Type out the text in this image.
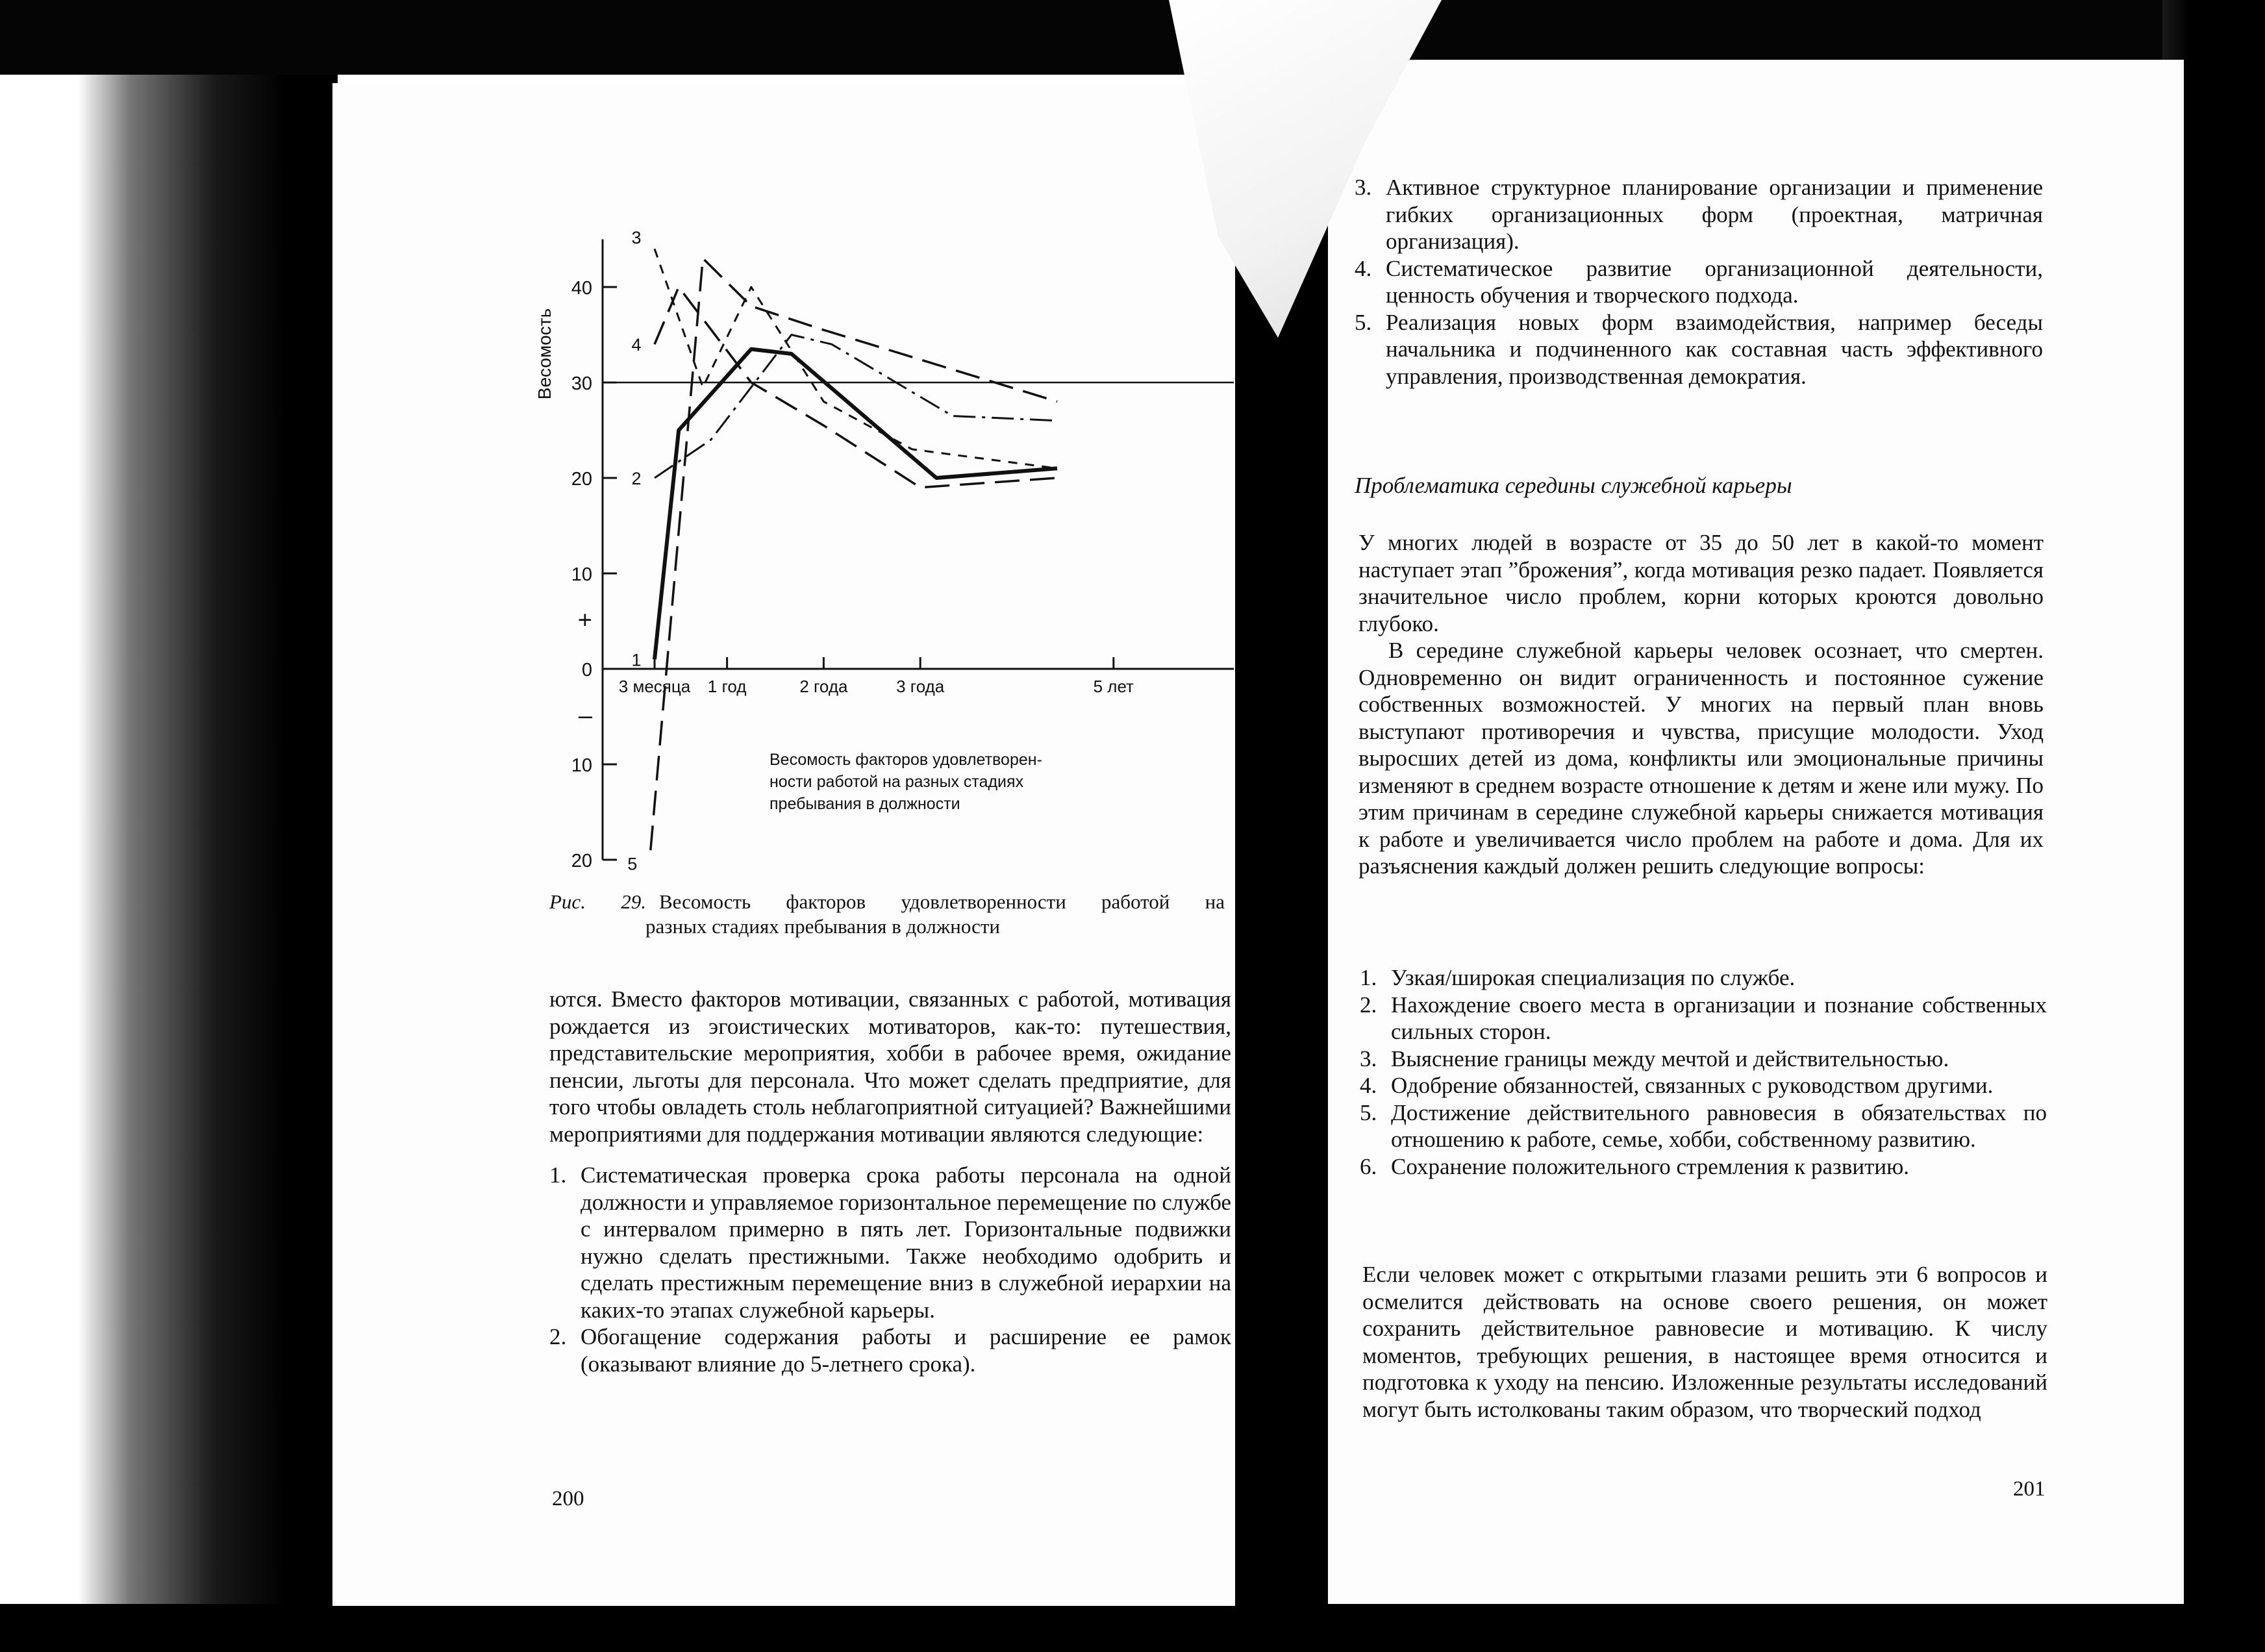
40
30
20
10
+
0
–
10
20
3 месяца 1 год	2 года	3 года	5 лет
1
2
3
4
5
Весомость
Весомость факторов удовлетворен-
ности работой на разных стадиях
пребывания в должности
Рис. 29. Весомость факторов удовлетворенности работой на
разных стадиях пребывания в должности

ются. Вместо факторов мотивации, связанных с работой, мотивация рождается из эгоистических мотиваторов, как-то: путешествия, представительские мероприятия, хобби в рабочее время, ожидание пенсии, льготы для персонала. Что может сделать предприятие, для того чтобы овладеть столь неблагоприятной ситуацией? Важнейшими мероприятиями для поддержания мотивации являются следующие:

1. Систематическая проверка срока работы персонала на одной должности и управляемое горизонтальное перемещение по службе с интервалом примерно в пять лет. Горизонтальные подвижки нужно сделать престижными. Также необходимо одобрить и сделать престижным перемещение вниз в служебной иерархии на каких-то этапах служебной карьеры.
2. Обогащение содержания работы и расширение ее рамок (оказывают влияние до 5-летнего срока).
200
3. Активное структурное планирование организации и применение гибких организационных форм (проектная, матричная организация).
4. Систематическое развитие организационной деятельности, ценность обучения и творческого подхода.
5. Реализация новых форм взаимодействия, например беседы начальника и подчиненного как составная часть эффективного управления, производственная демократия.
Проблематика середины служебной карьеры

У многих людей в возрасте от 35 до 50 лет в какой-то момент наступает этап ”брожения”, когда мотивация резко падает. Появляется значительное число проблем, корни которых кроются довольно глубоко.

В середине служебной карьеры человек осознает, что смертен. Одновременно он видит ограниченность и постоянное сужение собственных возможностей. У многих на первый план вновь выступают противоречия и чувства, присущие молодости. Уход выросших детей из дома, конфликты или эмоциональные причины изменяют в среднем возрасте отношение к детям и жене или мужу. По этим причинам в середине служебной карьеры снижается мотивация к работе и увеличивается число проблем на работе и дома. Для их разъяснения каждый должен решить следующие вопросы:

1. Узкая/широкая специализация по службе.
2. Нахождение своего места в организации и познание собственных сильных сторон.
3. Выяснение границы между мечтой и действительностью.
4. Одобрение обязанностей, связанных с руководством другими.
5. Достижение действительного равновесия в обязательствах по отношению к работе, семье, хобби, собственному развитию.
6. Сохранение положительного стремления к развитию.

Если человек может с открытыми глазами решить эти 6 вопросов и осмелится действовать на основе своего решения, он может сохранить действительное равновесие и мотивацию. К числу моментов, требующих решения, в настоящее время относится и подготовка к уходу на пенсию. Изложенные результаты исследований могут быть истолкованы таким образом, что творческий подход

201
